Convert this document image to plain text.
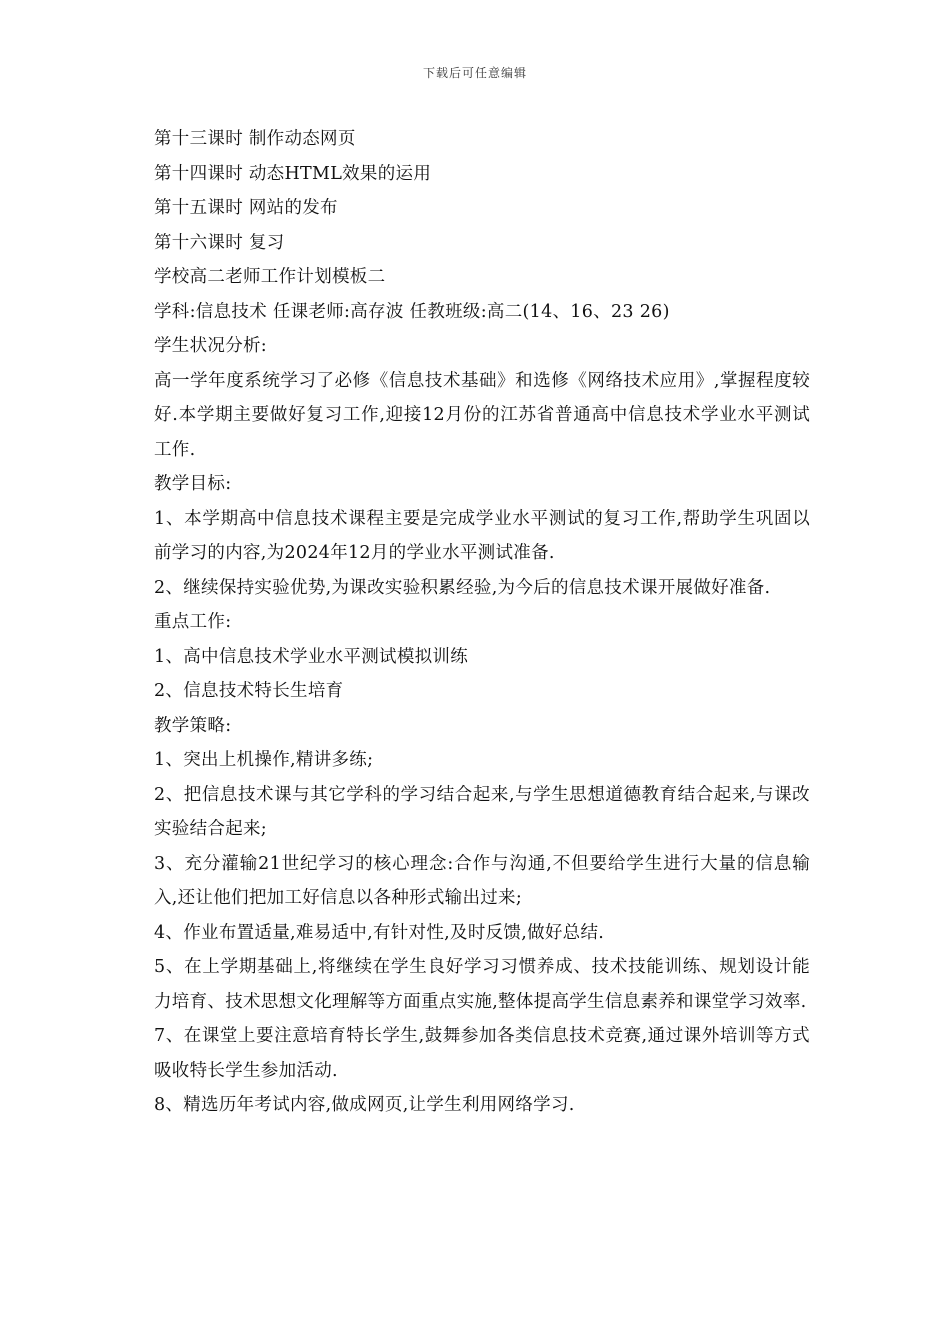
下载后可任意编辑

第十三课时 制作动态网页

第十四课时 动态HTML效果的运用

第十五课时 网站的发布

第十六课时 复习

学校高二老师工作计划模板二

学科:信息技术 任课老师:高存波 任教班级:高二(14、16、23 26)

学生状况分析:

高一学年度系统学习了必修《信息技术基础》和选修《网络技术应用》,掌握程度较好.本学期主要做好复习工作,迎接12月份的江苏省普通高中信息技术学业水平测试工作.

教学目标:

1、本学期高中信息技术课程主要是完成学业水平测试的复习工作,帮助学生巩固以前学习的内容,为2024年12月的学业水平测试准备.

2、继续保持实验优势,为课改实验积累经验,为今后的信息技术课开展做好准备.

重点工作:

1、高中信息技术学业水平测试模拟训练

2、信息技术特长生培育

教学策略:

1、突出上机操作,精讲多练;

2、把信息技术课与其它学科的学习结合起来,与学生思想道德教育结合起来,与课改实验结合起来;

3、充分灌输21世纪学习的核心理念:合作与沟通,不但要给学生进行大量的信息输入,还让他们把加工好信息以各种形式输出过来;

4、作业布置适量,难易适中,有针对性,及时反馈,做好总结.

5、在上学期基础上,将继续在学生良好学习习惯养成、技术技能训练、规划设计能力培育、技术思想文化理解等方面重点实施,整体提高学生信息素养和课堂学习效率.

7、在课堂上要注意培育特长学生,鼓舞参加各类信息技术竞赛,通过课外培训等方式吸收特长学生参加活动.

8、精选历年考试内容,做成网页,让学生利用网络学习.
